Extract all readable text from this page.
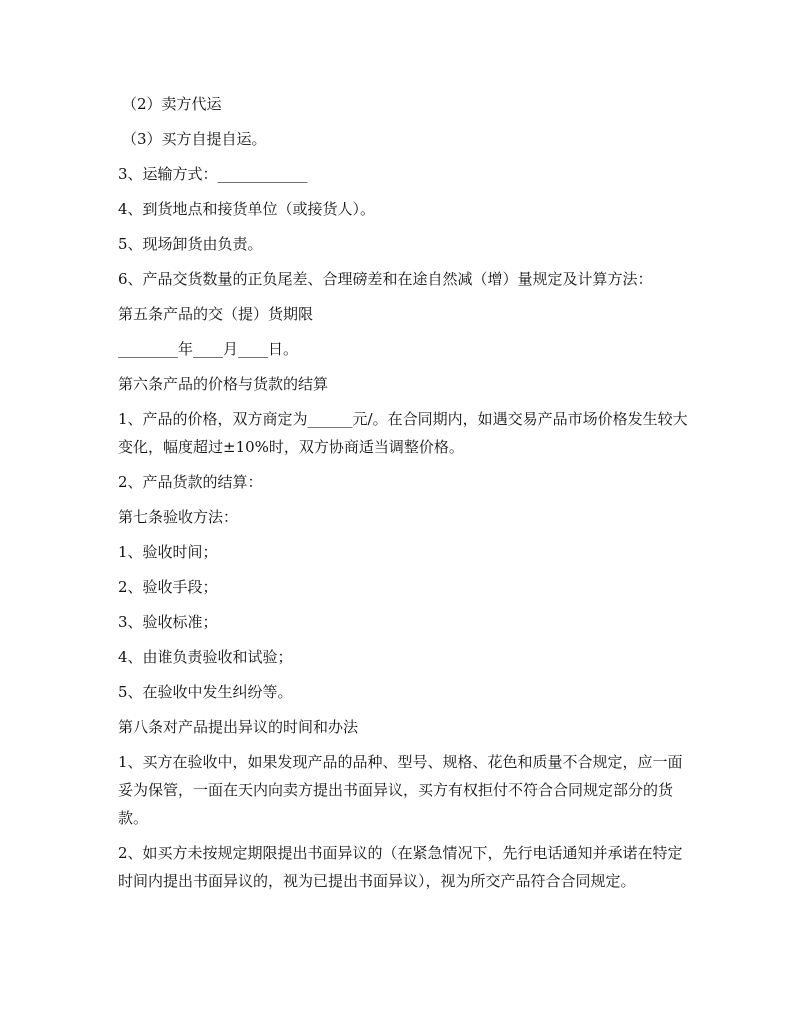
（2）卖方代运

（3）买方自提自运。

3、运输方式：____________

4、到货地点和接货单位（或接货人）。

5、现场卸货由负责。

6、产品交货数量的正负尾差、合理磅差和在途自然减（增）量规定及计算方法：

第五条产品的交（提）货期限

________年____月____日。

第六条产品的价格与货款的结算

1、产品的价格，双方商定为______元/。在合同期内，如遇交易产品市场价格发生较大变化，幅度超过±10%时，双方协商适当调整价格。

2、产品货款的结算：

第七条验收方法：

1、验收时间；

2、验收手段；

3、验收标准；

4、由谁负责验收和试验；

5、在验收中发生纠纷等。

第八条对产品提出异议的时间和办法

1、买方在验收中，如果发现产品的品种、型号、规格、花色和质量不合规定，应一面妥为保管，一面在天内向卖方提出书面异议，买方有权拒付不符合合同规定部分的货款。

2、如买方未按规定期限提出书面异议的（在紧急情况下，先行电话通知并承诺在特定时间内提出书面异议的，视为已提出书面异议），视为所交产品符合合同规定。
